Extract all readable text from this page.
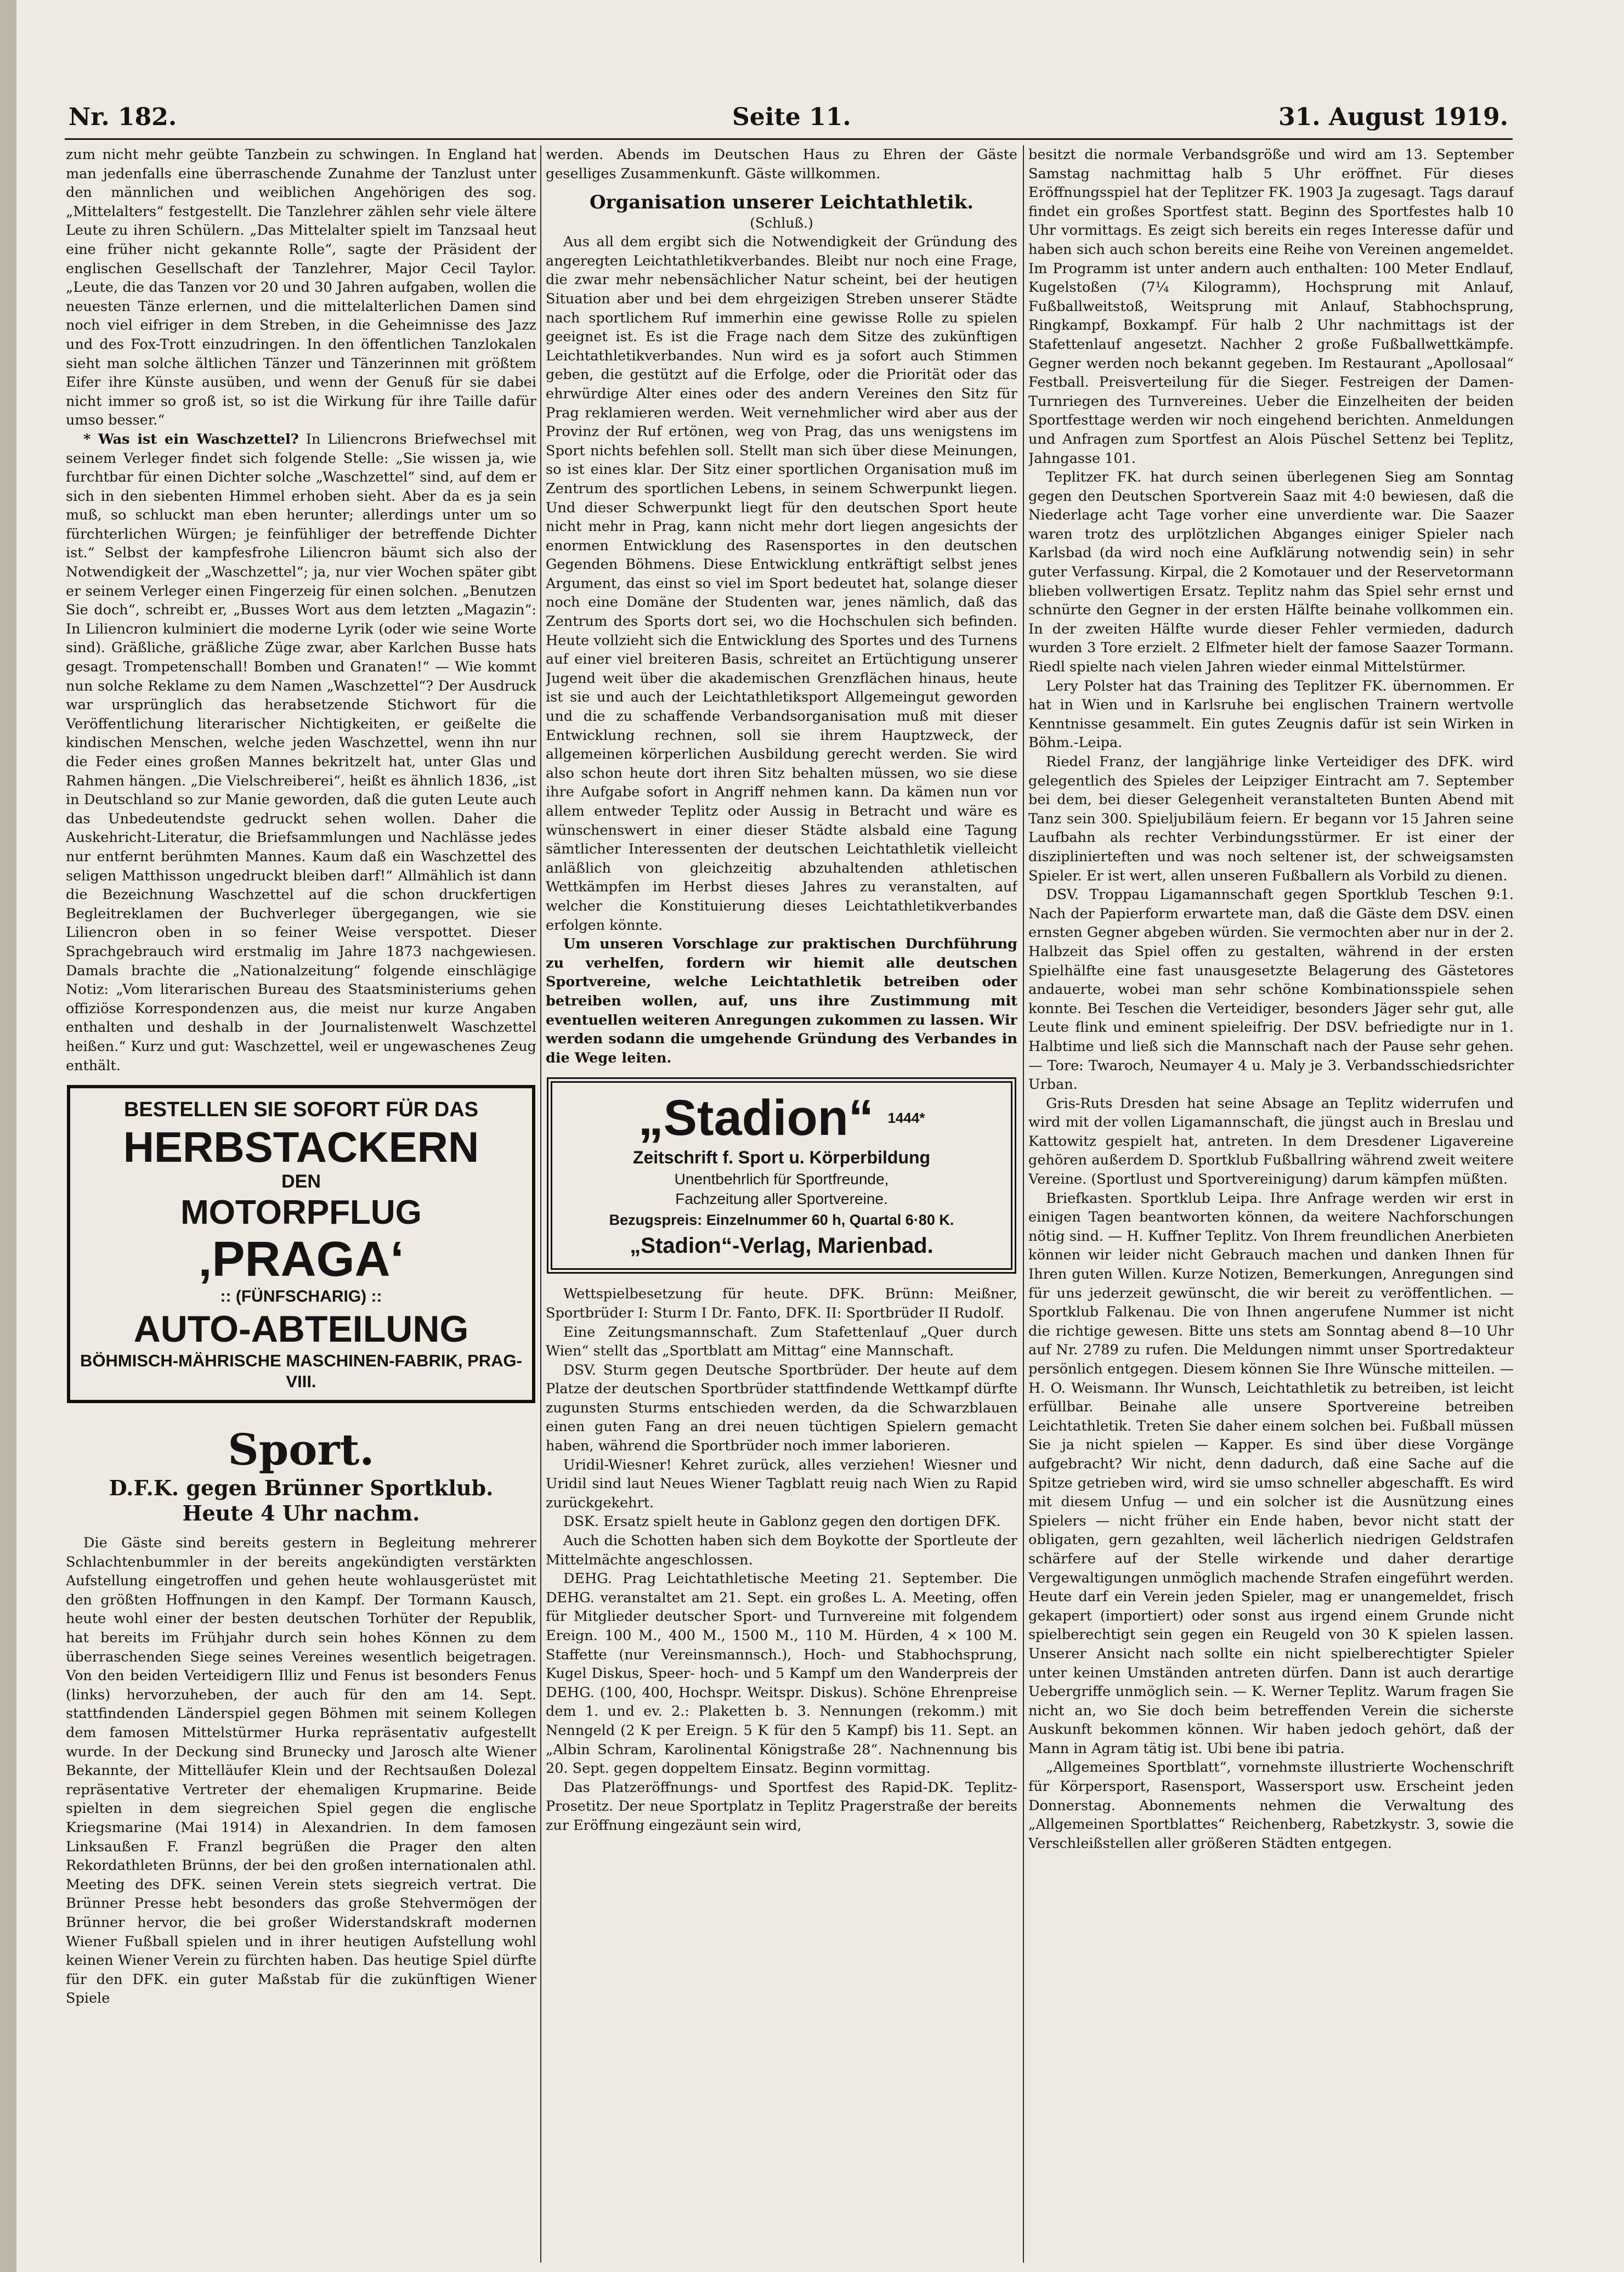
Nr. 182.	Seite 11.	31. August 1919.

zum nicht mehr geübte Tanzbein zu schwingen. In England hat man jedenfalls eine überraschende Zunahme der Tanzlust unter den männlichen und weiblichen Angehörigen des sog. „Mittelalters“ festgestellt. Die Tanzlehrer zählen sehr viele ältere Leute zu ihren Schülern. „Das Mittelalter spielt im Tanzsaal heut eine früher nicht gekannte Rolle“, sagte der Präsident der englischen Gesellschaft der Tanzlehrer, Major Cecil Taylor. „Leute, die das Tanzen vor 20 und 30 Jahren aufgaben, wollen die neuesten Tänze erlernen, und die mittelalterlichen Damen sind noch viel eifriger in dem Streben, in die Geheimnisse des Jazz und des Fox-Trott einzudringen. In den öffentlichen Tanzlokalen sieht man solche ältlichen Tänzer und Tänzerinnen mit größtem Eifer ihre Künste ausüben, und wenn der Genuß für sie dabei nicht immer so groß ist, so ist die Wirkung für ihre Taille dafür umso besser.“

* Was ist ein Waschzettel? In Liliencrons Briefwechsel mit seinem Verleger findet sich folgende Stelle: „Sie wissen ja, wie furchtbar für einen Dichter solche „Waschzettel“ sind, auf dem er sich in den siebenten Himmel erhoben sieht. Aber da es ja sein muß, so schluckt man eben herunter; allerdings unter um so fürchterlichen Würgen; je feinfühliger der betreffende Dichter ist.“ Selbst der kampfesfrohe Liliencron bäumt sich also der Notwendigkeit der „Waschzettel“; ja, nur vier Wochen später gibt er seinem Verleger einen Fingerzeig für einen solchen. „Benutzen Sie doch“, schreibt er, „Busses Wort aus dem letzten „Magazin“: In Liliencron kulminiert die moderne Lyrik (oder wie seine Worte sind). Gräßliche, gräßliche Züge zwar, aber Karlchen Busse hats gesagt. Trompetenschall! Bomben und Granaten!“ — Wie kommt nun solche Reklame zu dem Namen „Waschzettel“? Der Ausdruck war ursprünglich das herabsetzende Stichwort für die Veröffentlichung literarischer Nichtigkeiten, er geißelte die kindischen Menschen, welche jeden Waschzettel, wenn ihn nur die Feder eines großen Mannes bekritzelt hat, unter Glas und Rahmen hängen. „Die Vielschreiberei“, heißt es ähnlich 1836, „ist in Deutschland so zur Manie geworden, daß die guten Leute auch das Unbedeutendste gedruckt sehen wollen. Daher die Auskehricht-Literatur, die Briefsammlungen und Nachlässe jedes nur entfernt berühmten Mannes. Kaum daß ein Waschzettel des seligen Matthisson ungedruckt bleiben darf!“ Allmählich ist dann die Bezeichnung Waschzettel auf die schon druckfertigen Begleitreklamen der Buchverleger übergegangen, wie sie Liliencron oben in so feiner Weise verspottet. Dieser Sprachgebrauch wird erstmalig im Jahre 1873 nachgewiesen. Damals brachte die „Nationalzeitung“ folgende einschlägige Notiz: „Vom literarischen Bureau des Staatsministeriums gehen offiziöse Korrespondenzen aus, die meist nur kurze Angaben enthalten und deshalb in der Journalistenwelt Waschzettel heißen.“ Kurz und gut: Waschzettel, weil er ungewaschenes Zeug enthält.

BESTELLEN SIE SOFORT FÜR DAS
HERBSTACKERN
DEN
MOTORPFLUG
‚PRAGA‘
:: (FÜNFSCHARIG) ::
AUTO-ABTEILUNG
BÖHMISCH-MÄHRISCHE MASCHINEN-FABRIK, PRAG-VIII.
Sport.
D.F.K. gegen Brünner Sportklub.
Heute 4 Uhr nachm.

Die Gäste sind bereits gestern in Begleitung mehrerer Schlachtenbummler in der bereits angekündigten verstärkten Aufstellung eingetroffen und gehen heute wohlausgerüstet mit den größten Hoffnungen in den Kampf. Der Tormann Kausch, heute wohl einer der besten deutschen Torhüter der Republik, hat bereits im Frühjahr durch sein hohes Können zu dem überraschenden Siege seines Vereines wesentlich beigetragen. Von den beiden Verteidigern Illiz und Fenus ist besonders Fenus (links) hervorzuheben, der auch für den am 14. Sept. stattfindenden Länderspiel gegen Böhmen mit seinem Kollegen dem famosen Mittelstürmer Hurka repräsentativ aufgestellt wurde. In der Deckung sind Brunecky und Jarosch alte Wiener Bekannte, der Mittelläufer Klein und der Rechtsaußen Dolezal repräsentative Vertreter der ehemaligen Krupmarine. Beide spielten in dem siegreichen Spiel gegen die englische Kriegsmarine (Mai 1914) in Alexandrien. In dem famosen Linksaußen F. Franzl begrüßen die Prager den alten Rekordathleten Brünns, der bei den großen internationalen athl. Meeting des DFK. seinen Verein stets siegreich vertrat. Die Brünner Presse hebt besonders das große Stehvermögen der Brünner hervor, die bei großer Widerstandskraft modernen Wiener Fußball spielen und in ihrer heutigen Aufstellung wohl keinen Wiener Verein zu fürchten haben. Das heutige Spiel dürfte für den DFK. ein guter Maßstab für die zukünftigen Wiener Spiele

werden. Abends im Deutschen Haus zu Ehren der Gäste geselliges Zusammenkunft. Gäste willkommen.

Organisation unserer Leichtathletik.
(Schluß.)

Aus all dem ergibt sich die Notwendigkeit der Gründung des angeregten Leichtathletikverbandes. Bleibt nur noch eine Frage, die zwar mehr nebensächlicher Natur scheint, bei der heutigen Situation aber und bei dem ehrgeizigen Streben unserer Städte nach sportlichem Ruf immerhin eine gewisse Rolle zu spielen geeignet ist. Es ist die Frage nach dem Sitze des zukünftigen Leichtathletikverbandes. Nun wird es ja sofort auch Stimmen geben, die gestützt auf die Erfolge, oder die Priorität oder das ehrwürdige Alter eines oder des andern Vereines den Sitz für Prag reklamieren werden. Weit vernehmlicher wird aber aus der Provinz der Ruf ertönen, weg von Prag, das uns wenigstens im Sport nichts befehlen soll. Stellt man sich über diese Meinungen, so ist eines klar. Der Sitz einer sportlichen Organisation muß im Zentrum des sportlichen Lebens, in seinem Schwerpunkt liegen. Und dieser Schwerpunkt liegt für den deutschen Sport heute nicht mehr in Prag, kann nicht mehr dort liegen angesichts der enormen Entwicklung des Rasensportes in den deutschen Gegenden Böhmens. Diese Entwicklung entkräftigt selbst jenes Argument, das einst so viel im Sport bedeutet hat, solange dieser noch eine Domäne der Studenten war, jenes nämlich, daß das Zentrum des Sports dort sei, wo die Hochschulen sich befinden. Heute vollzieht sich die Entwicklung des Sportes und des Turnens auf einer viel breiteren Basis, schreitet an Ertüchtigung unserer Jugend weit über die akademischen Grenzflächen hinaus, heute ist sie und auch der Leichtathletiksport Allgemeingut geworden und die zu schaffende Verbandsorganisation muß mit dieser Entwicklung rechnen, soll sie ihrem Hauptzweck, der allgemeinen körperlichen Ausbildung gerecht werden. Sie wird also schon heute dort ihren Sitz behalten müssen, wo sie diese ihre Aufgabe sofort in Angriff nehmen kann. Da kämen nun vor allem entweder Teplitz oder Aussig in Betracht und wäre es wünschenswert in einer dieser Städte alsbald eine Tagung sämtlicher Interessenten der deutschen Leichtathletik vielleicht anläßlich von gleichzeitig abzuhaltenden athletischen Wettkämpfen im Herbst dieses Jahres zu veranstalten, auf welcher die Konstituierung dieses Leichtathletikverbandes erfolgen könnte.

Um unseren Vorschlage zur praktischen Durchführung zu verhelfen, fordern wir hiemit alle deutschen Sportvereine, welche Leichtathletik betreiben oder betreiben wollen, auf, uns ihre Zustimmung mit eventuellen weiteren Anregungen zukommen zu lassen. Wir werden sodann die umgehende Gründung des Verbandes in die Wege leiten.

„Stadion“ $^{1444*}$
Zeitschrift f. Sport u. Körperbildung
Unentbehrlich für Sportfreunde,
Fachzeitung aller Sportvereine.
Bezugspreis: Einzelnummer 60 h, Quartal 6·80 K.
„Stadion“-Verlag, Marienbad.

Wettspielbesetzung für heute. DFK. Brünn: Meißner, Sportbrüder I: Sturm I Dr. Fanto, DFK. II: Sportbrüder II Rudolf.

Eine Zeitungsmannschaft. Zum Stafettenlauf „Quer durch Wien“ stellt das „Sportblatt am Mittag“ eine Mannschaft.

DSV. Sturm gegen Deutsche Sportbrüder. Der heute auf dem Platze der deutschen Sportbrüder stattfindende Wettkampf dürfte zugunsten Sturms entschieden werden, da die Schwarzblauen einen guten Fang an drei neuen tüchtigen Spielern gemacht haben, während die Sportbrüder noch immer laborieren.

Uridil-Wiesner! Kehret zurück, alles verziehen! Wiesner und Uridil sind laut Neues Wiener Tagblatt reuig nach Wien zu Rapid zurückgekehrt.

DSK. Ersatz spielt heute in Gablonz gegen den dortigen DFK.

Auch die Schotten haben sich dem Boykotte der Sportleute der Mittelmächte angeschlossen.

DEHG. Prag Leichtathletische Meeting 21. September. Die DEHG. veranstaltet am 21. Sept. ein großes L. A. Meeting, offen für Mitglieder deutscher Sport- und Turnvereine mit folgendem Ereign. 100 M., 400 M., 1500 M., 110 M. Hürden, 4 × 100 M. Staffette (nur Vereinsmannsch.), Hoch- und Stabhochsprung, Kugel Diskus, Speer- hoch- und 5 Kampf um den Wanderpreis der DEHG. (100, 400, Hochspr. Weitspr. Diskus). Schöne Ehrenpreise dem 1. und ev. 2.: Plaketten b. 3. Nennungen (rekomm.) mit Nenngeld (2 K per Ereign. 5 K für den 5 Kampf) bis 11. Sept. an „Albin Schram, Karolinental Königstraße 28“. Nachnennung bis 20. Sept. gegen doppeltem Einsatz. Beginn vormittag.

Das Platzeröffnungs- und Sportfest des Rapid-DK. Teplitz-Prosetitz. Der neue Sportplatz in Teplitz Pragerstraße der bereits zur Eröffnung eingezäunt sein wird,

besitzt die normale Verbandsgröße und wird am 13. September Samstag nachmittag halb 5 Uhr eröffnet. Für dieses Eröffnungsspiel hat der Teplitzer FK. 1903 Ja zugesagt. Tags darauf findet ein großes Sportfest statt. Beginn des Sportfestes halb 10 Uhr vormittags. Es zeigt sich bereits ein reges Interesse dafür und haben sich auch schon bereits eine Reihe von Vereinen angemeldet. Im Programm ist unter andern auch enthalten: 100 Meter Endlauf, Kugelstoßen (7¼ Kilogramm), Hochsprung mit Anlauf, Fußballweitstoß, Weitsprung mit Anlauf, Stabhochsprung, Ringkampf, Boxkampf. Für halb 2 Uhr nachmittags ist der Stafettenlauf angesetzt. Nachher 2 große Fußballwettkämpfe. Gegner werden noch bekannt gegeben. Im Restaurant „Apollosaal“ Festball. Preisverteilung für die Sieger. Festreigen der Damen-Turnriegen des Turnvereines. Ueber die Einzelheiten der beiden Sportfesttage werden wir noch eingehend berichten. Anmeldungen und Anfragen zum Sportfest an Alois Püschel Settenz bei Teplitz, Jahngasse 101.

Teplitzer FK. hat durch seinen überlegenen Sieg am Sonntag gegen den Deutschen Sportverein Saaz mit 4:0 bewiesen, daß die Niederlage acht Tage vorher eine unverdiente war. Die Saazer waren trotz des urplötzlichen Abganges einiger Spieler nach Karlsbad (da wird noch eine Aufklärung notwendig sein) in sehr guter Verfassung. Kirpal, die 2 Komotauer und der Reservetormann blieben vollwertigen Ersatz. Teplitz nahm das Spiel sehr ernst und schnürte den Gegner in der ersten Hälfte beinahe vollkommen ein. In der zweiten Hälfte wurde dieser Fehler vermieden, dadurch wurden 3 Tore erzielt. 2 Elfmeter hielt der famose Saazer Tormann. Riedl spielte nach vielen Jahren wieder einmal Mittelstürmer.

Lery Polster hat das Training des Teplitzer FK. übernommen. Er hat in Wien und in Karlsruhe bei englischen Trainern wertvolle Kenntnisse gesammelt. Ein gutes Zeugnis dafür ist sein Wirken in Böhm.-Leipa.

Riedel Franz, der langjährige linke Verteidiger des DFK. wird gelegentlich des Spieles der Leipziger Eintracht am 7. September bei dem, bei dieser Gelegenheit veranstalteten Bunten Abend mit Tanz sein 300. Spieljubiläum feiern. Er begann vor 15 Jahren seine Laufbahn als rechter Verbindungsstürmer. Er ist einer der disziplinierteften und was noch seltener ist, der schweigsamsten Spieler. Er ist wert, allen unseren Fußballern als Vorbild zu dienen.

DSV. Troppau Ligamannschaft gegen Sportklub Teschen 9:1. Nach der Papierform erwartete man, daß die Gäste dem DSV. einen ernsten Gegner abgeben würden. Sie vermochten aber nur in der 2. Halbzeit das Spiel offen zu gestalten, während in der ersten Spielhälfte eine fast unausgesetzte Belagerung des Gästetores andauerte, wobei man sehr schöne Kombinationsspiele sehen konnte. Bei Teschen die Verteidiger, besonders Jäger sehr gut, alle Leute flink und eminent spieleifrig. Der DSV. befriedigte nur in 1. Halbtime und ließ sich die Mannschaft nach der Pause sehr gehen. — Tore: Twaroch, Neumayer 4 u. Maly je 3. Verbandsschiedsrichter Urban.

Gris-Ruts Dresden hat seine Absage an Teplitz widerrufen und wird mit der vollen Ligamannschaft, die jüngst auch in Breslau und Kattowitz gespielt hat, antreten. In dem Dresdener Ligavereine gehören außerdem D. Sportklub Fußballring während zweit weitere Vereine. (Sportlust und Sportvereinigung) darum kämpfen müßten.

Briefkasten. Sportklub Leipa. Ihre Anfrage werden wir erst in einigen Tagen beantworten können, da weitere Nachforschungen nötig sind. — H. Kuffner Teplitz. Von Ihrem freundlichen Anerbieten können wir leider nicht Gebrauch machen und danken Ihnen für Ihren guten Willen. Kurze Notizen, Bemerkungen, Anregungen sind für uns jederzeit gewünscht, die wir bereit zu veröffentlichen. — Sportklub Falkenau. Die von Ihnen angerufene Nummer ist nicht die richtige gewesen. Bitte uns stets am Sonntag abend 8—10 Uhr auf Nr. 2789 zu rufen. Die Meldungen nimmt unser Sportredakteur persönlich entgegen. Diesem können Sie Ihre Wünsche mitteilen. — H. O. Weismann. Ihr Wunsch, Leichtathletik zu betreiben, ist leicht erfüllbar. Beinahe alle unsere Sportvereine betreiben Leichtathletik. Treten Sie daher einem solchen bei. Fußball müssen Sie ja nicht spielen — Kapper. Es sind über diese Vorgänge aufgebracht? Wir nicht, denn dadurch, daß eine Sache auf die Spitze getrieben wird, wird sie umso schneller abgeschafft. Es wird mit diesem Unfug — und ein solcher ist die Ausnützung eines Spielers — nicht früher ein Ende haben, bevor nicht statt der obligaten, gern gezahlten, weil lächerlich niedrigen Geldstrafen schärfere auf der Stelle wirkende und daher derartige Vergewaltigungen unmöglich machende Strafen eingeführt werden. Heute darf ein Verein jeden Spieler, mag er unangemeldet, frisch gekapert (importiert) oder sonst aus irgend einem Grunde nicht spielberechtigt sein gegen ein Reugeld von 30 K spielen lassen. Unserer Ansicht nach sollte ein nicht spielberechtigter Spieler unter keinen Umständen antreten dürfen. Dann ist auch derartige Uebergriffe unmöglich sein. — K. Werner Teplitz. Warum fragen Sie nicht an, wo Sie doch beim betreffenden Verein die sicherste Auskunft bekommen können. Wir haben jedoch gehört, daß der Mann in Agram tätig ist. Ubi bene ibi patria.

„Allgemeines Sportblatt“, vornehmste illustrierte Wochenschrift für Körpersport, Rasensport, Wassersport usw. Erscheint jeden Donnerstag. Abonnements nehmen die Verwaltung des „Allgemeinen Sportblattes“ Reichenberg, Rabetzkystr. 3, sowie die Verschleißstellen aller größeren Städten entgegen.
